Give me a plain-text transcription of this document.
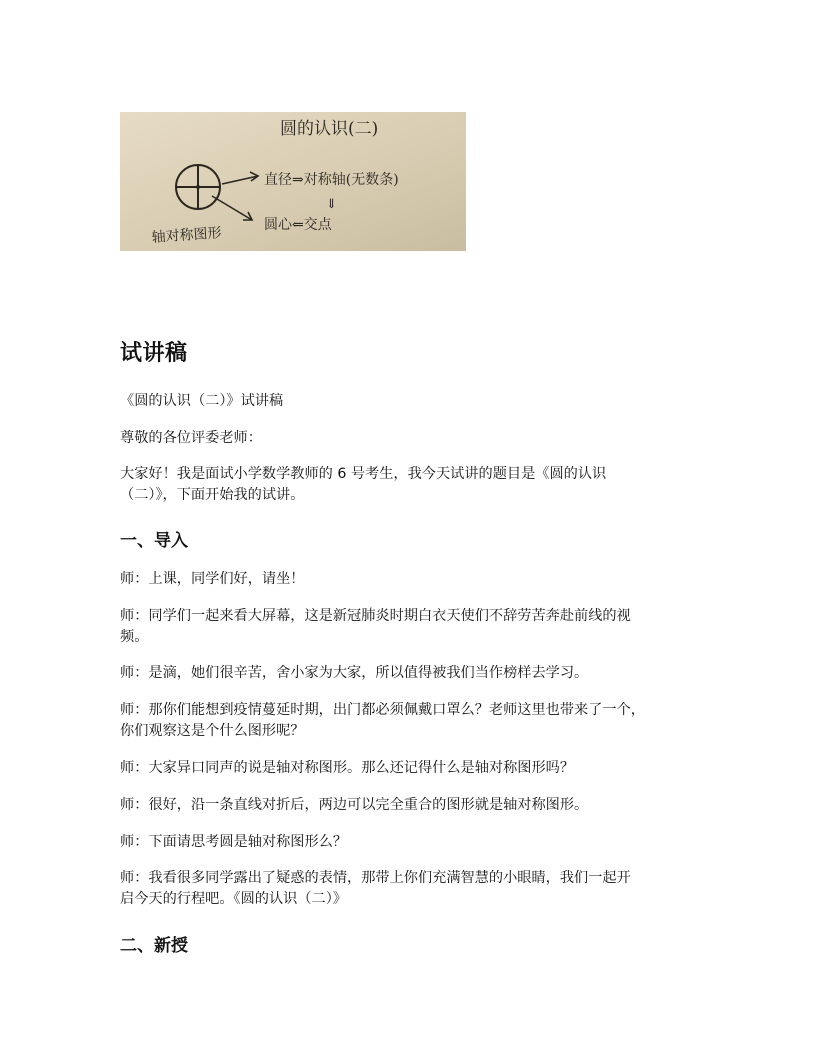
圆的认识(二)
直径⇒对称轴(无数条)
⇓
圆心⇐交点
轴对称图形
试讲稿
《圆的认识（二）》试讲稿
尊敬的各位评委老师：
大家好！我是面试小学数学教师的 6 号考生，我今天试讲的题目是《圆的认识
（二）》，下面开始我的试讲。
一、导入
师：上课，同学们好，请坐！
师：同学们一起来看大屏幕，这是新冠肺炎时期白衣天使们不辞劳苦奔赴前线的视
频。
师：是滴，她们很辛苦，舍小家为大家，所以值得被我们当作榜样去学习。
师：那你们能想到疫情蔓延时期，出门都必须佩戴口罩么？老师这里也带来了一个，
你们观察这是个什么图形呢？
师：大家异口同声的说是轴对称图形。那么还记得什么是轴对称图形吗？
师：很好，沿一条直线对折后，两边可以完全重合的图形就是轴对称图形。
师：下面请思考圆是轴对称图形么？
师：我看很多同学露出了疑惑的表情，那带上你们充满智慧的小眼睛，我们一起开
启今天的行程吧。《圆的认识（二）》
二、新授
